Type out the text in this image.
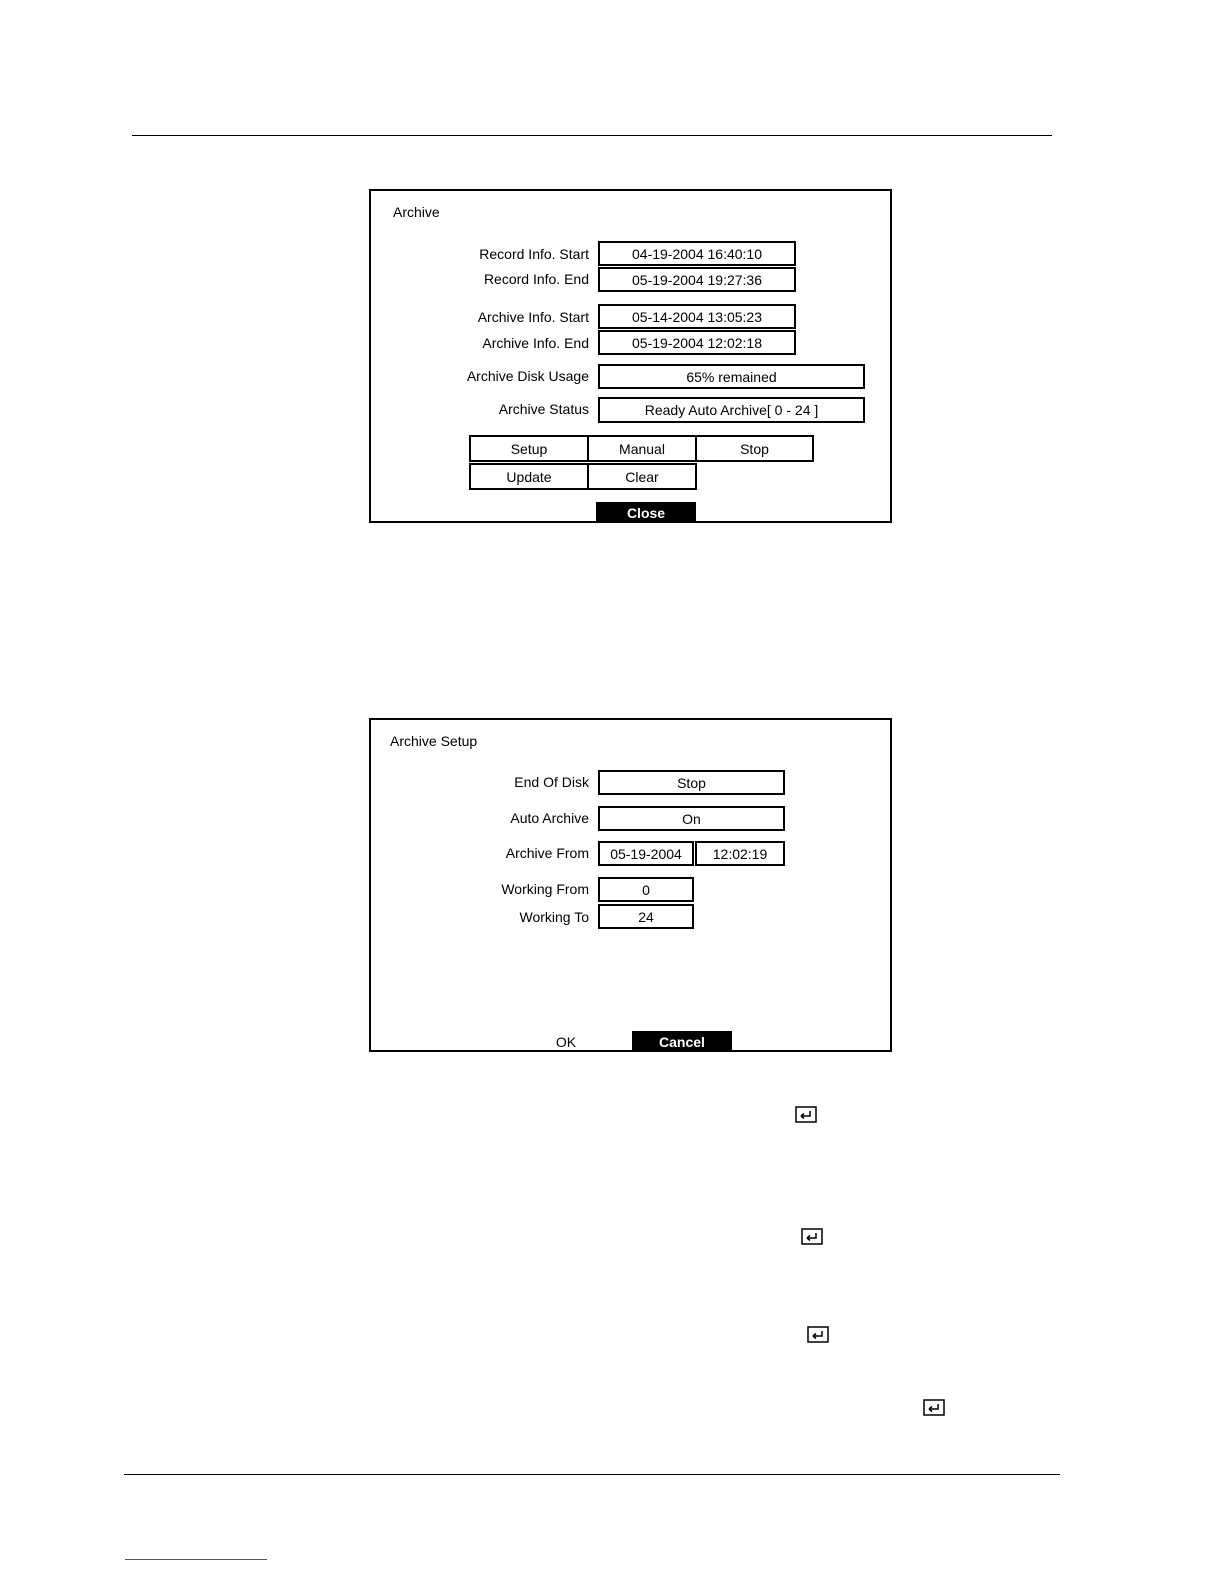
Archive
Record Info. Start	04-19-2004 16:40:10
Record Info. End	05-19-2004 19:27:36
Archive Info. Start	05-14-2004 13:05:23
Archive Info. End	05-19-2004 12:02:18
Archive Disk Usage	65% remained
Archive Status	Ready Auto Archive[ 0 - 24 ]
Setup	Manual	Stop
Update	Clear
Close
Archive Setup
End Of Disk	Stop
Auto Archive	On
Archive From	05-19-2004	12:02:19
Working From	0
Working To	24
OK	Cancel
